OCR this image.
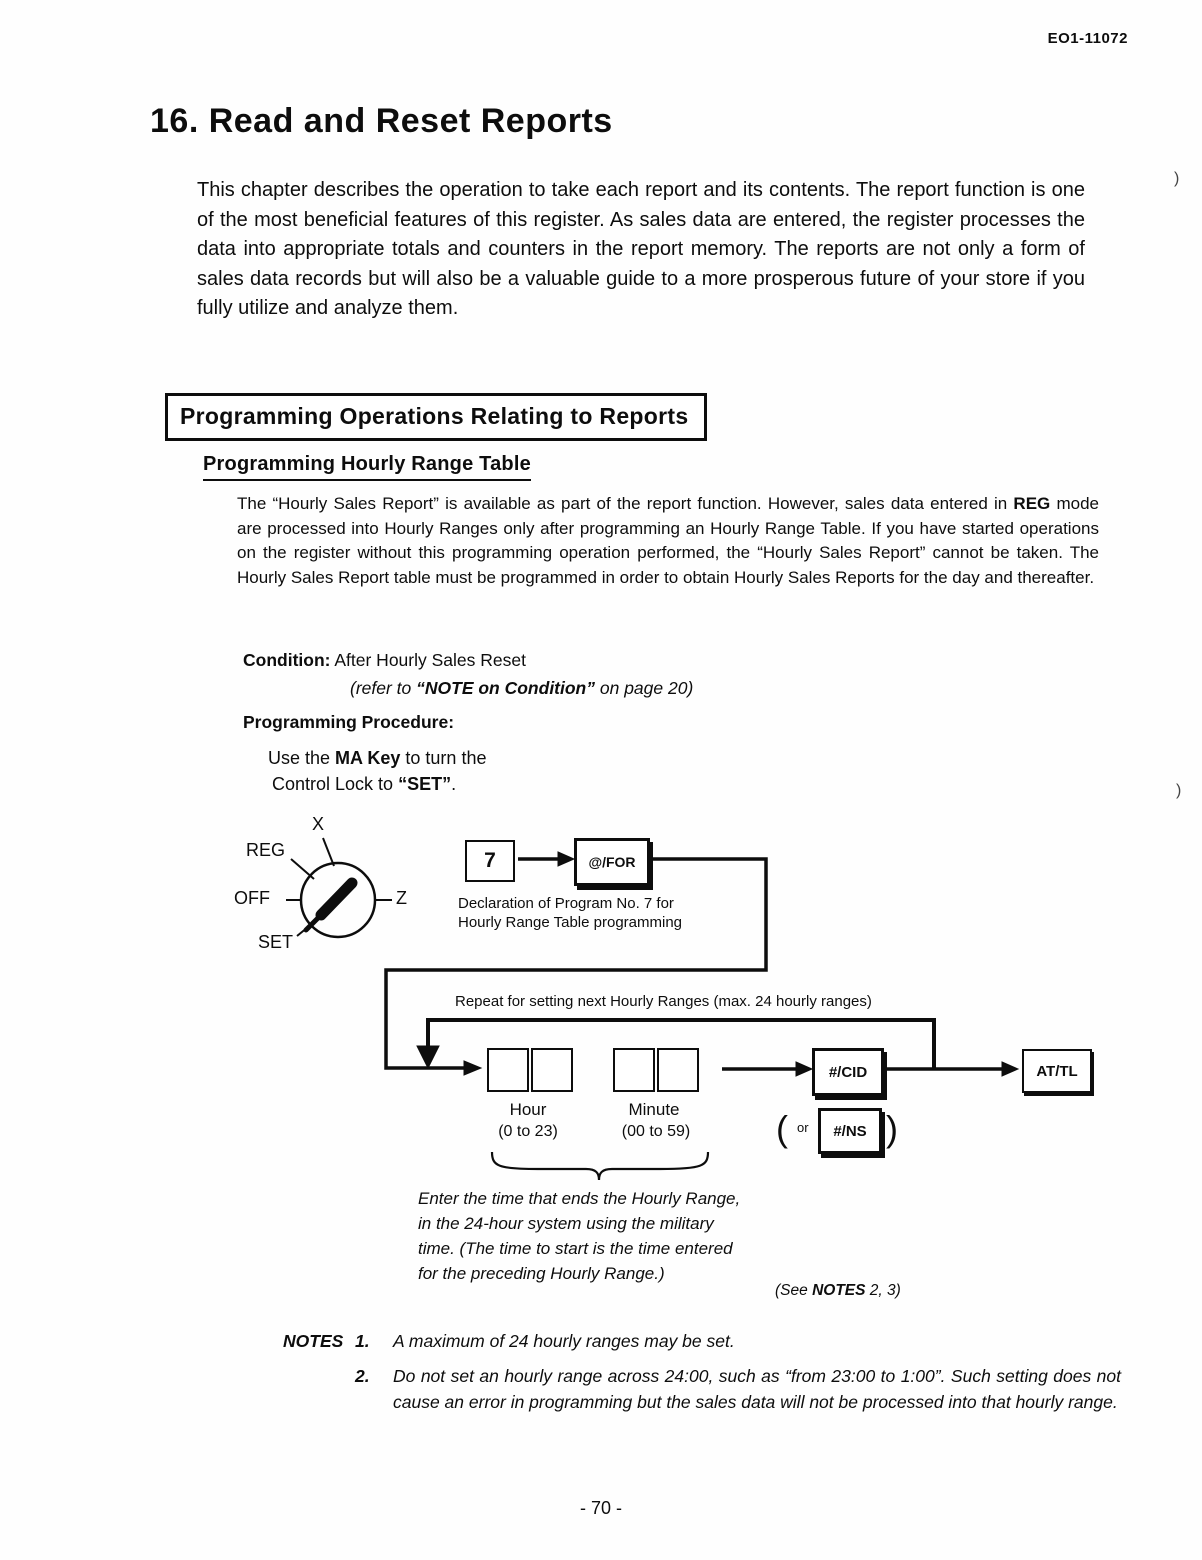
EO1-11072
)
)
16. Read and Reset Reports

This chapter describes the operation to take each report and its contents. The report function is one of the most beneficial features of this register. As sales data are entered, the register processes the data into appropriate totals and counters in the report memory. The reports are not only a form of sales data records but will also be a valuable guide to a more prosperous future of your store if you fully utilize and analyze them.

Programming Operations Relating to Reports
Programming Hourly Range Table

The “Hourly Sales Report” is available as part of the report function. However, sales data entered in REG mode are processed into Hourly Ranges only after programming an Hourly Range Table. If you have started operations on the register without this programming operation performed, the “Hourly Sales Report” cannot be taken. The Hourly Sales Report table must be programmed in order to obtain Hourly Sales Reports for the day and thereafter.

Condition: After Hourly Sales Reset
(refer to “NOTE on Condition” on page 20)
Programming Procedure:
Use the MA Key to turn the
Control Lock to “SET”.
X
REG
OFF	Z
SET
7	@/FOR
Declaration of Program No. 7 for Hourly Range Table programming
Repeat for setting next Hourly Ranges (max. 24 hourly ranges)
#/CID	AT/TL
Hour
(0 to 23)
Minute
(00 to 59)	( or	#/NS )
Enter the time that ends the Hourly Range, in the 24-hour system using the military time. (The time to start is the time entered for the preceding Hourly Range.)
(See NOTES 2, 3)
NOTES 1.	A maximum of 24 hourly ranges may be set.
2.	Do not set an hourly range across 24:00, such as “from 23:00 to 1:00”. Such setting does not cause an error in programming but the sales data will not be processed into that hourly range.
- 70 -
